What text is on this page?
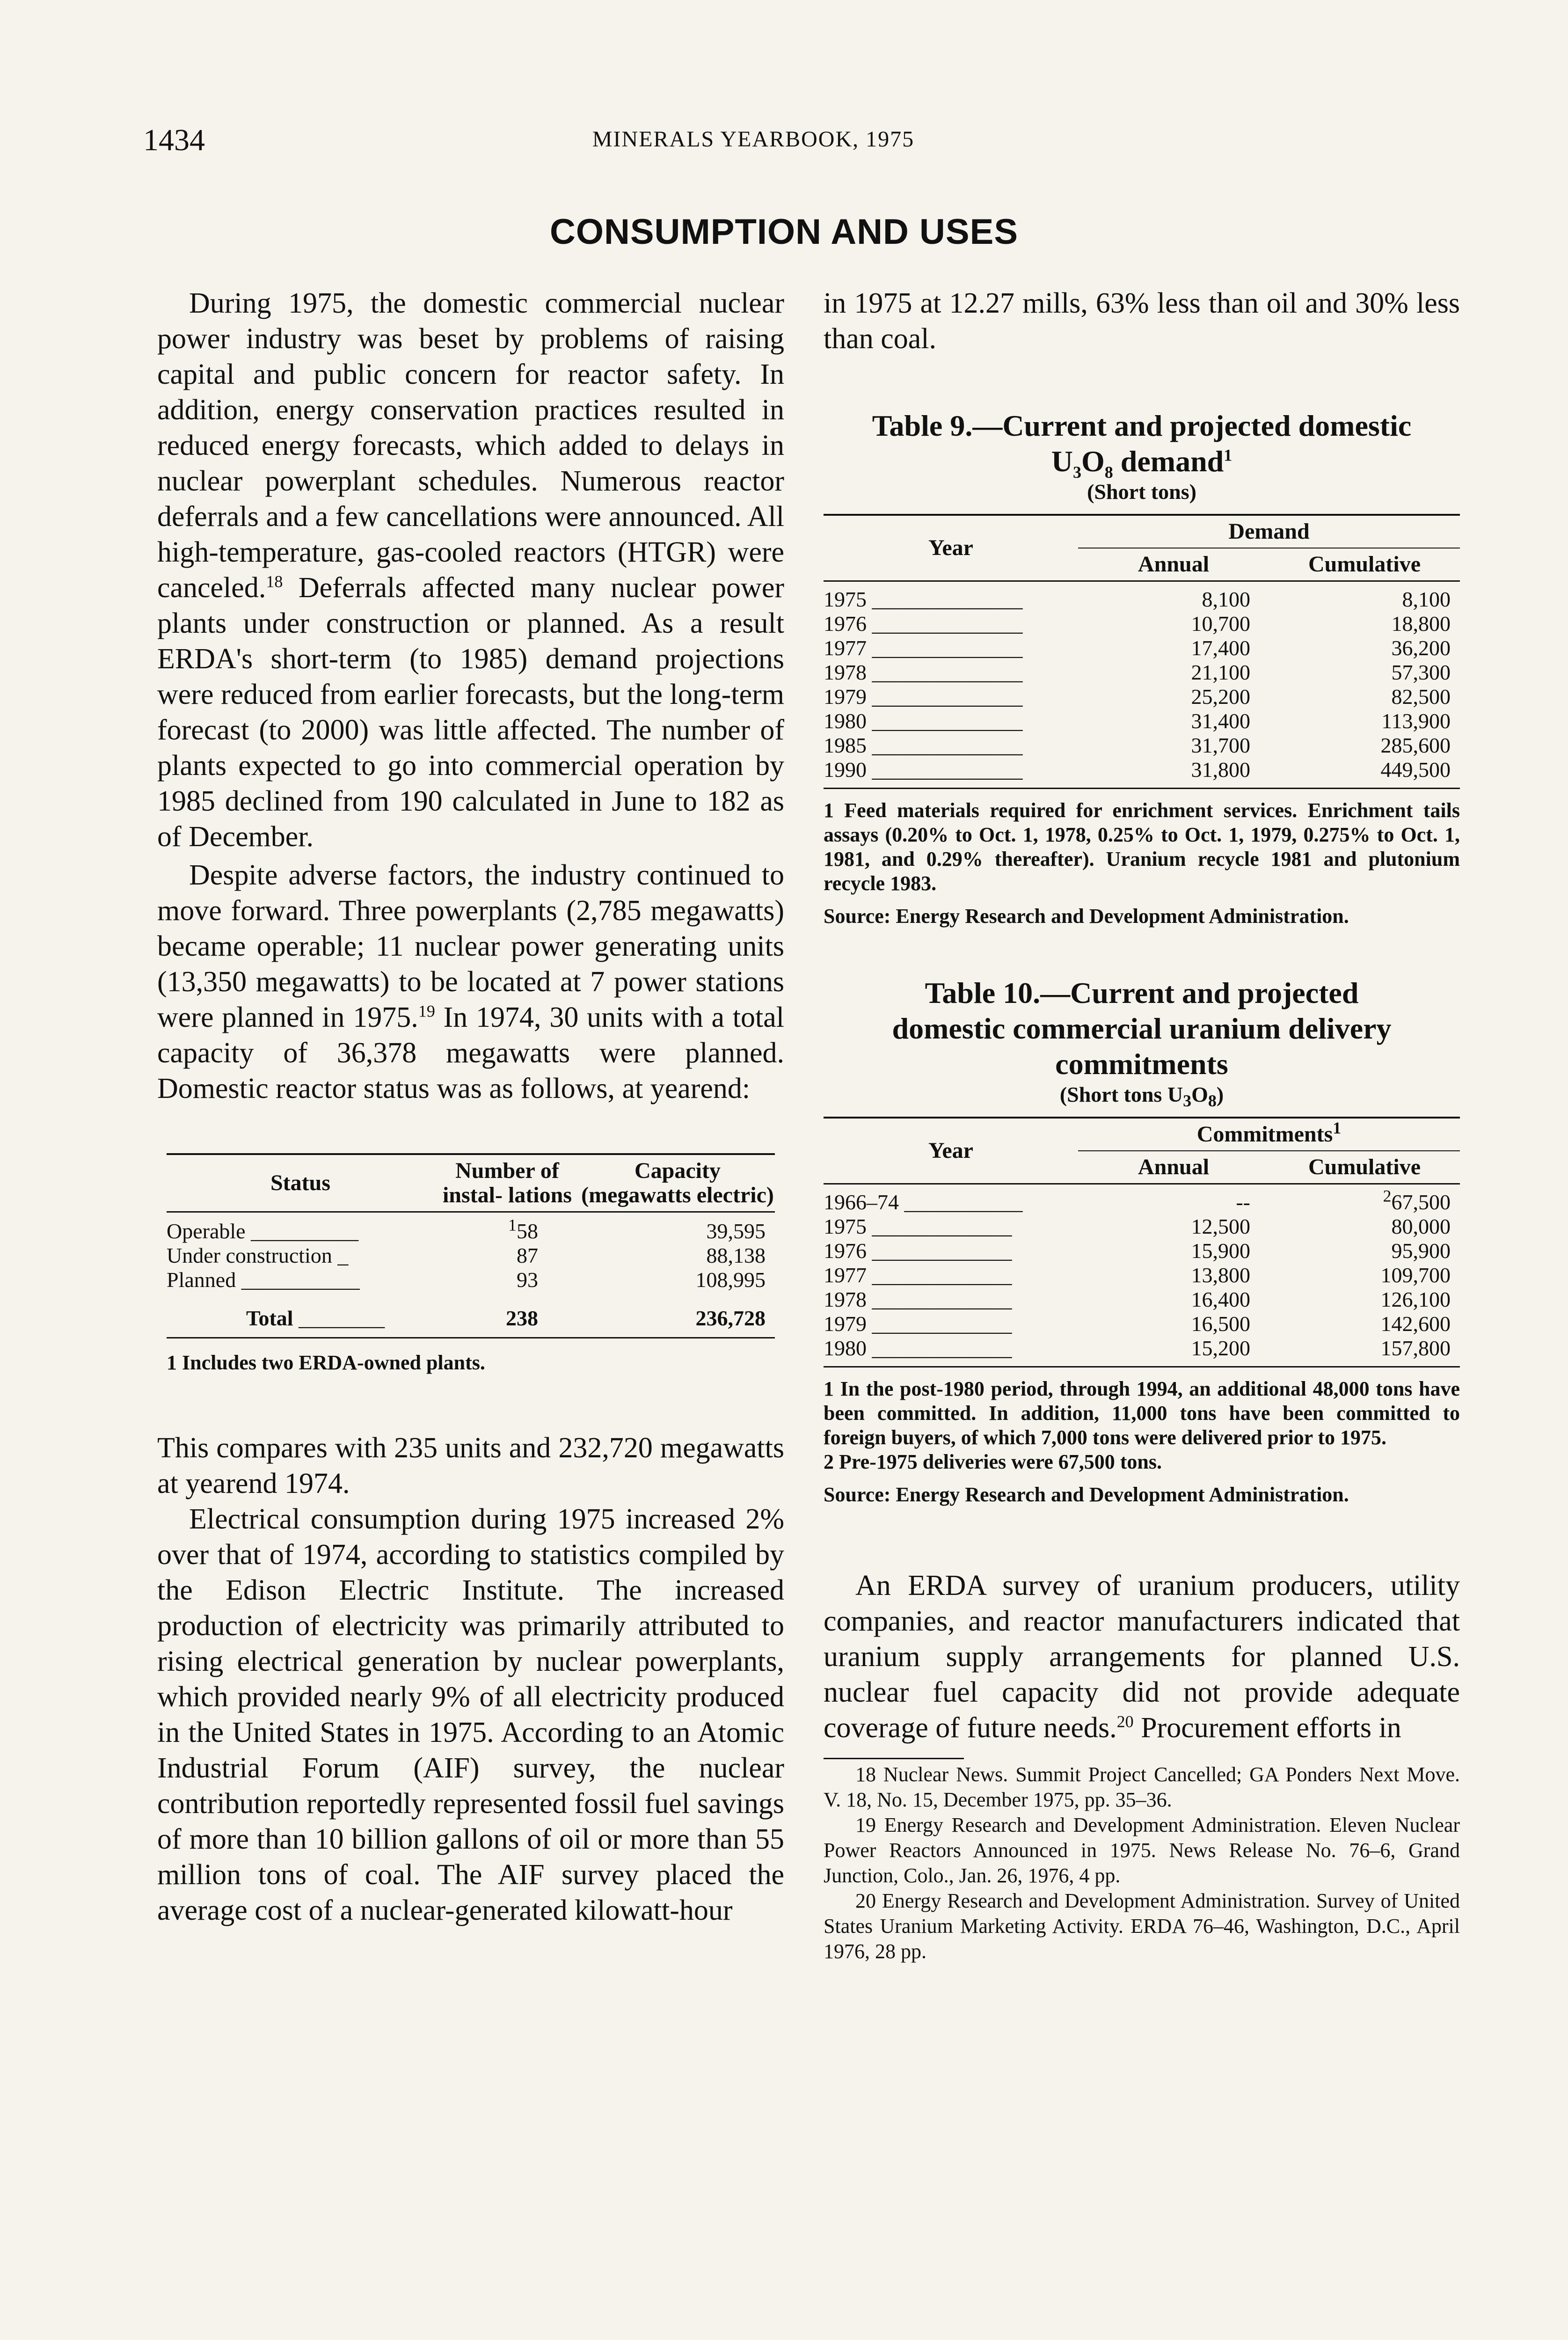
1434	MINERALS YEARBOOK, 1975
CONSUMPTION AND USES

During 1975, the domestic commercial nuclear power industry was beset by problems of raising capital and public concern for reactor safety. In addition, energy conservation practices resulted in reduced energy forecasts, which added to delays in nuclear powerplant schedules. Numerous reactor deferrals and a few cancellations were announced. All high-temperature, gas-cooled reactors (HTGR) were canceled.$^{18}$ Deferrals affected many nuclear power plants under construction or planned. As a result ERDA's short-term (to 1985) demand projections were reduced from earlier forecasts, but the long-term forecast (to 2000) was little affected. The number of plants expected to go into commercial operation by 1985 declined from 190 calculated in June to 182 as of December.

Despite adverse factors, the industry continued to move forward. Three powerplants (2,785 megawatts) became operable; 11 nuclear power generating units (13,350 megawatts) to be located at 7 power stations were planned in 1975.19 In 1974, 30 units with a total capacity of 36,378 megawatts were planned. Domestic reactor status was as follows, at yearend:

Status	Number of instal- lations	Capacity (megawatts electric)

Operable __________	$^1$58	39,595
Under construction _	87	88,138
Planned ___________	93	108,995

Total ________	238	236,728

1 Includes two ERDA-owned plants.

This compares with 235 units and 232,720 megawatts at yearend 1974.

Electrical consumption during 1975 increased 2% over that of 1974, according to statistics compiled by the Edison Electric Institute. The increased production of electricity was primarily attributed to rising electrical generation by nuclear powerplants, which provided nearly 9% of all electricity produced in the United States in 1975. According to an Atomic Industrial Forum (AIF) survey, the nuclear contribution reportedly represented fossil fuel savings of more than 10 billion gallons of oil or more than 55 million tons of coal. The AIF survey placed the average cost of a nuclear-generated kilowatt-hour

in 1975 at 12.27 mills, 63% less than oil and 30% less than coal.

Table 9.—Current and projected domestic

$U_3O_8$ demand$^1$

(Short tons)

Year	Demand	
	Annual	Cumulative

1975 ______________	8,100	8,100
1976 ______________	10,700	18,800
1977 ______________	17,400	36,200
1978 ______________	21,100	57,300
1979 ______________	25,200	82,500
1980 ______________	31,400	113,900
1985 ______________	31,700	285,600
1990 ______________	31,800	449,500

1 Feed materials required for enrichment services. Enrichment tails assays (0.20% to Oct. 1, 1978, 0.25% to Oct. 1, 1979, 0.275% to Oct. 1, 1981, and 0.29% thereafter). Uranium recycle 1981 and plutonium recycle 1983.

Source: Energy Research and Development Administration.

Table 10.—Current and projected domestic commercial uranium delivery commitments

(Short tons $U_3O_8$)

Year	Commitments$^1$
	Annual	Cumulative

1966–74 ___________	--	$^2$67,500
1975 _____________	12,500	80,000
1976 _____________	15,900	95,900
1977 _____________	13,800	109,700
1978 _____________	16,400	126,100
1979 _____________	16,500	142,600
1980 _____________	15,200	157,800

1 In the post-1980 period, through 1994, an additional 48,000 tons have been committed. In addition, 11,000 tons have been committed to foreign buyers, of which 7,000 tons were delivered prior to 1975.

2 Pre-1975 deliveries were 67,500 tons.

Source: Energy Research and Development Administration.

An ERDA survey of uranium producers, utility companies, and reactor manufacturers indicated that uranium supply arrangements for planned U.S. nuclear fuel capacity did not provide adequate coverage of future needs.$^{20}$ Procurement efforts in

18 Nuclear News. Summit Project Cancelled; GA Ponders Next Move. V. 18, No. 15, December 1975, pp. 35–36.

19 Energy Research and Development Administration. Eleven Nuclear Power Reactors Announced in 1975. News Release No. 76–6, Grand Junction, Colo., Jan. 26, 1976, 4 pp.

20 Energy Research and Development Administration. Survey of United States Uranium Marketing Activity. ERDA 76–46, Washington, D.C., April 1976, 28 pp.
